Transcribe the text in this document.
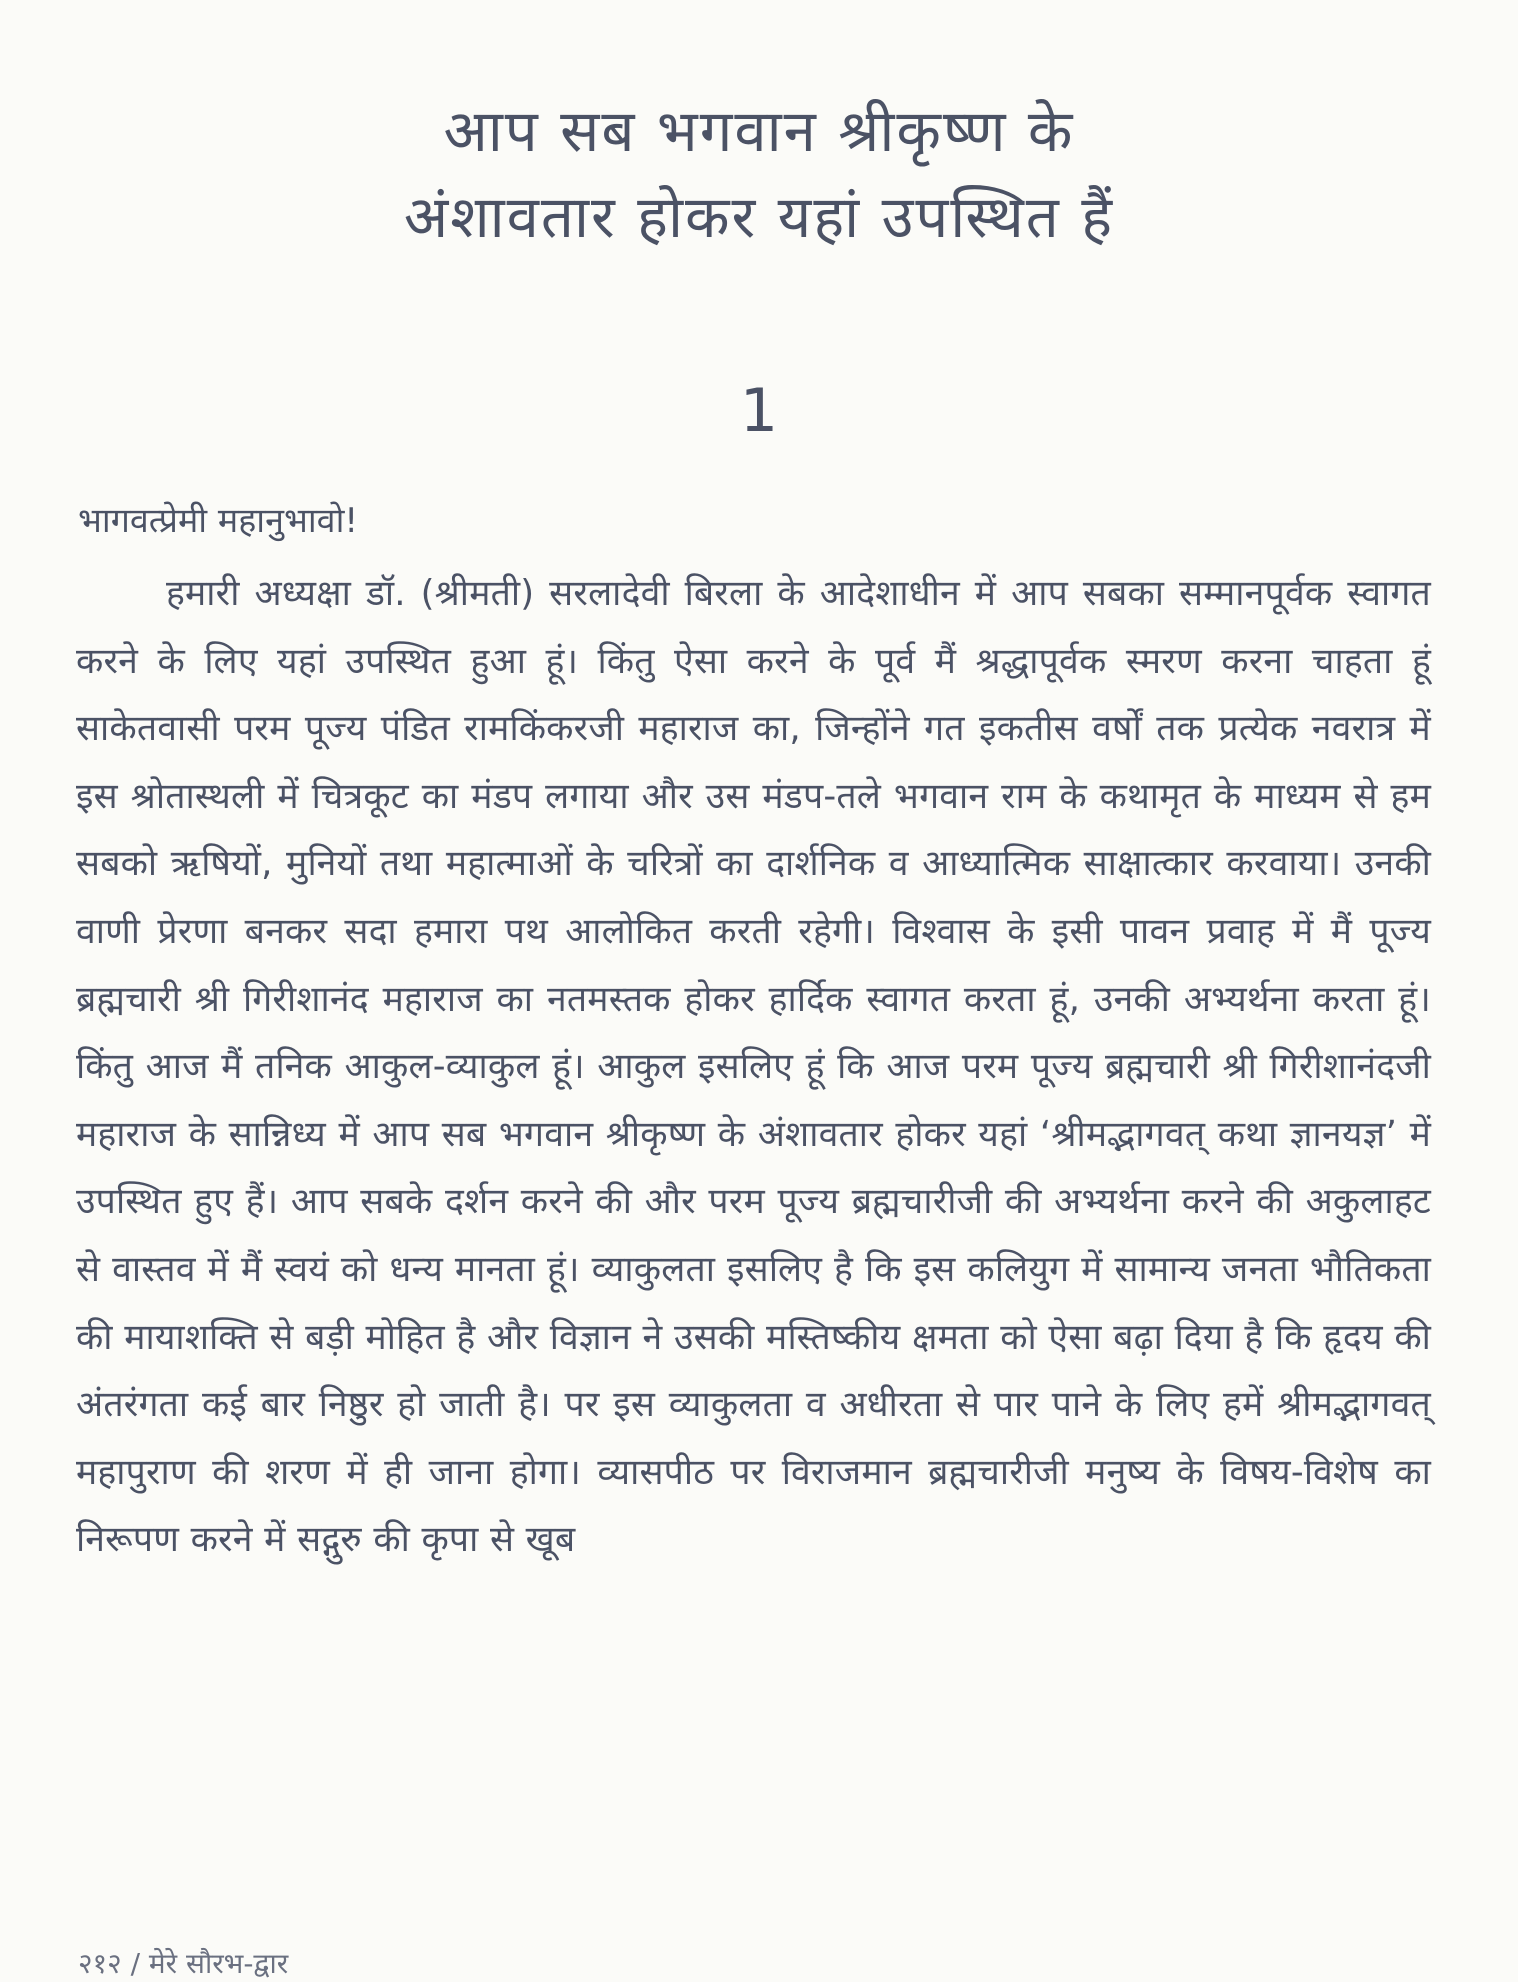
आप सब भगवान श्रीकृष्ण के
अंशावतार होकर यहां उपस्थित हैं
1
भागवत्प्रेमी महानुभावो!

हमारी अध्यक्षा डॉ. (श्रीमती) सरलादेवी बिरला के आदेशाधीन में आप सबका सम्मानपूर्वक स्वागत करने के लिए यहां उपस्थित हुआ हूं। किंतु ऐसा करने के पूर्व मैं श्रद्धापूर्वक स्मरण करना चाहता हूं साकेतवासी परम पूज्य पंडित रामकिंकरजी महाराज का, जिन्होंने गत इकतीस वर्षों तक प्रत्येक नवरात्र में इस श्रोतास्थली में चित्रकूट का मंडप लगाया और उस मंडप-तले भगवान राम के कथामृत के माध्यम से हम सबको ऋषियों, मुनियों तथा महात्माओं के चरित्रों का दार्शनिक व आध्यात्मिक साक्षात्कार करवाया। उनकी वाणी प्रेरणा बनकर सदा हमारा पथ आलोकित करती रहेगी। विश्वास के इसी पावन प्रवाह में मैं पूज्य ब्रह्मचारी श्री गिरीशानंद महाराज का नतमस्तक होकर हार्दिक स्वागत करता हूं, उनकी अभ्यर्थना करता हूं। किंतु आज मैं तनिक आकुल-व्याकुल हूं। आकुल इसलिए हूं कि आज परम पूज्य ब्रह्मचारी श्री गिरीशानंदजी महाराज के सान्निध्य में आप सब भगवान श्रीकृष्ण के अंशावतार होकर यहां ‘श्रीमद्भागवत् कथा ज्ञानयज्ञ’ में उपस्थित हुए हैं। आप सबके दर्शन करने की और परम पूज्य ब्रह्मचारीजी की अभ्यर्थना करने की अकुलाहट से वास्तव में मैं स्वयं को धन्य मानता हूं। व्याकुलता इसलिए है कि इस कलियुग में सामान्य जनता भौतिकता की मायाशक्ति से बड़ी मोहित है और विज्ञान ने उसकी मस्तिष्कीय क्षमता को ऐसा बढ़ा दिया है कि हृदय की अंतरंगता कई बार निष्ठुर हो जाती है। पर इस व्याकुलता व अधीरता से पार पाने के लिए हमें श्रीमद्भागवत् महापुराण की शरण में ही जाना होगा। व्यासपीठ पर विराजमान ब्रह्मचारीजी मनुष्य के विषय-विशेष का निरूपण करने में सद्गुरु की कृपा से खूब

२१२ / मेरे सौरभ-द्वार
